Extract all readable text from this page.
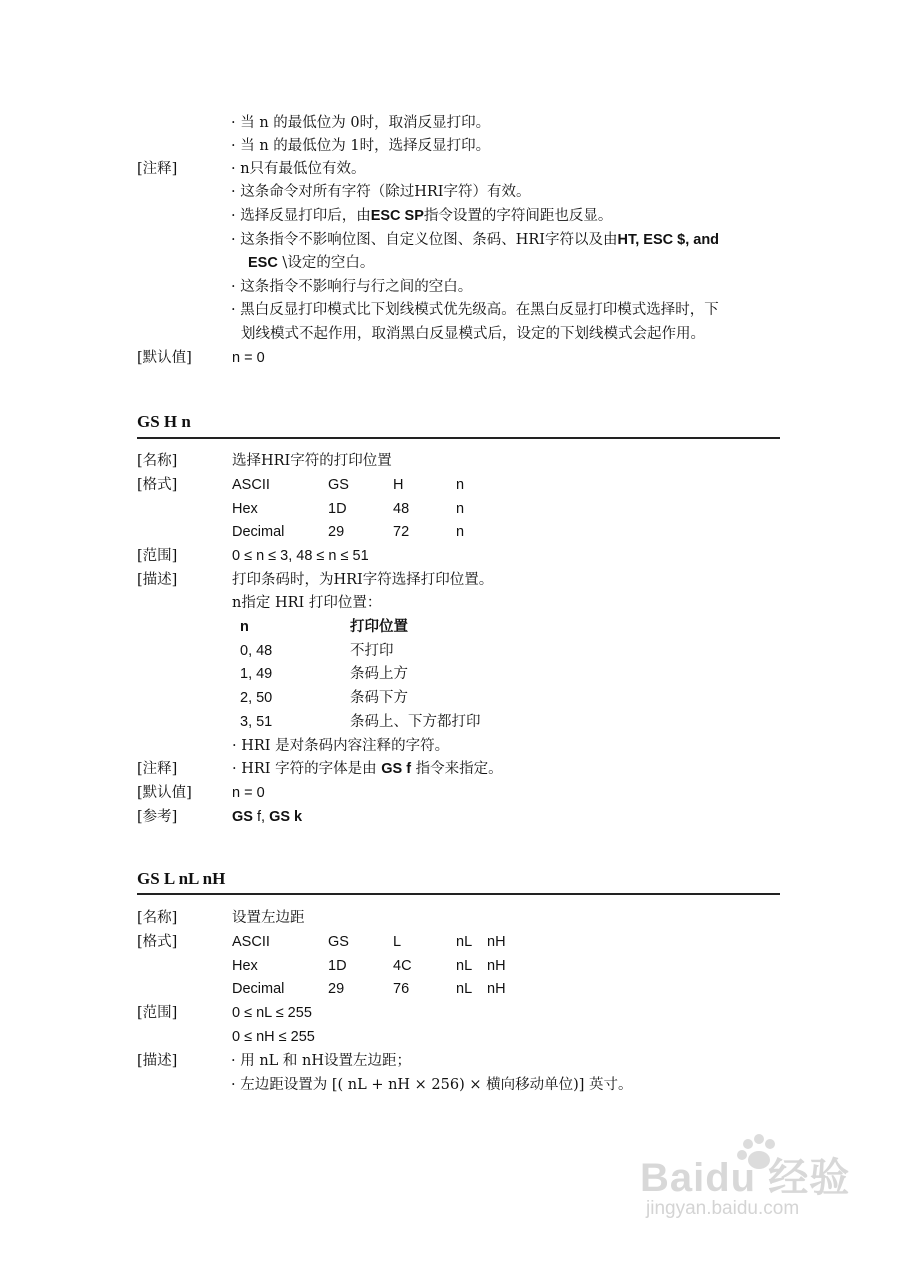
· 当 n 的最低位为 0时，取消反显打印。
· 当 n 的最低位为 1时，选择反显打印。
[注释]	· n只有最低位有效。
· 这条命令对所有字符（除过HRI字符）有效。
· 选择反显打印后，由ESC SP指令设置的字符间距也反显。
· 这条指令不影响位图、自定义位图、条码、HRI字符以及由HT, ESC $, and
ESC \设定的空白。
· 这条指令不影响行与行之间的空白。
· 黑白反显打印模式比下划线模式优先级高。在黑白反显打印模式选择时，下
划线模式不起作用，取消黑白反显模式后，设定的下划线模式会起作用。
[默认值]	n = 0
GS H n
[名称]	选择HRI字符的打印位置
[格式]	ASCII	GS	H	n
Hex	1D	48	n
Decimal	29	72	n
[范围]	0 ≤ n ≤ 3, 48 ≤ n ≤ 51
[描述]	打印条码时，为HRI字符选择打印位置。
n指定 HRI 打印位置：
n	打印位置
0, 48	不打印
1, 49	条码上方
2, 50	条码下方
3, 51	条码上、下方都打印
· HRI 是对条码内容注释的字符。
[注释]	· HRI 字符的字体是由 GS f 指令来指定。
[默认值]	n = 0
[参考]	GS f, GS k
GS L nL nH
[名称]	设置左边距
[格式]	ASCII	GS	L	nL nH
Hex	1D	4C	nL nH
Decimal	29	76	nL nH
[范围]	0 ≤ nL ≤ 255
0 ≤ nH ≤ 255
[描述]	· 用 nL 和 nH设置左边距；
· 左边距设置为 [( nL + nH × 256) × 横向移动单位)] 英寸。
Baidu 经验
jingyan.baidu.com
